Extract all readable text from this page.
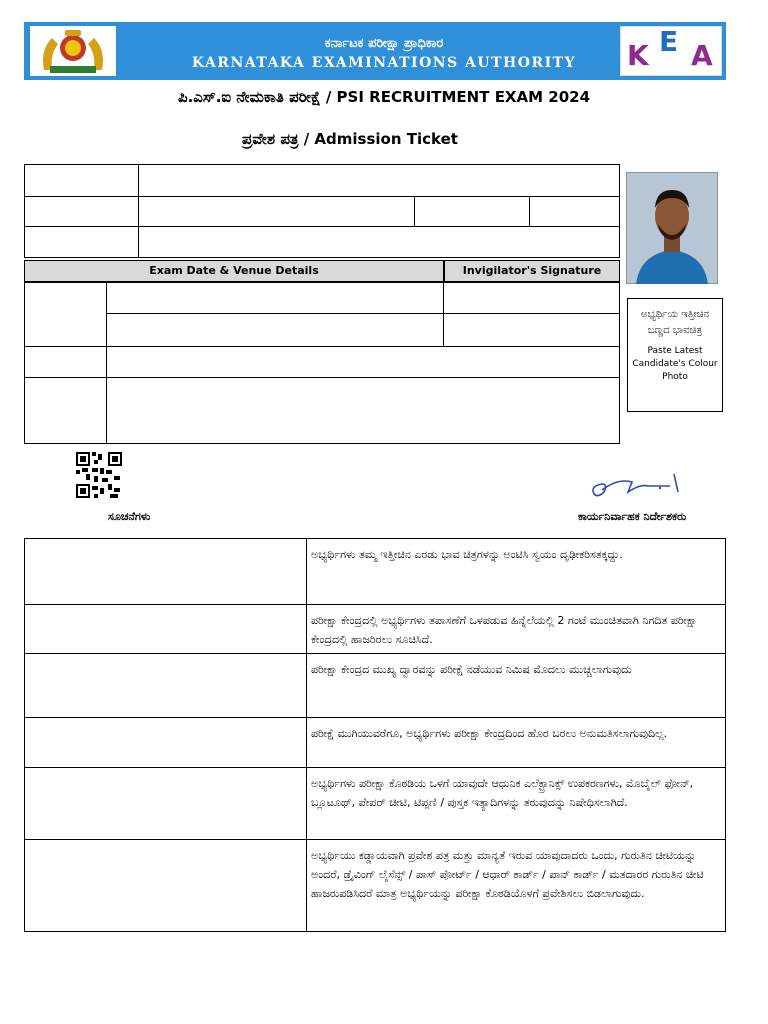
ಕರ್ನಾಟಕ ಪರೀಕ್ಷಾ ಪ್ರಾಧಿಕಾರ
KARNATAKA EXAMINATIONS AUTHORITY	K E A
ಪಿ.ಎಸ್.ಐ ನೇಮಕಾತಿ ಪರೀಕ್ಷೆ / PSI RECRUITMENT EXAM 2024
ಪ್ರವೇಶ ಪತ್ರ / Admission Ticket
Exam Date & Venue Details	Invigilator's Signature
ಅಭ್ಯರ್ಥಿಯ ಇತ್ತೀಚಿನ ಬಣ್ಣದ ಭಾವಚಿತ್ರ
Paste Latest Candidate's Colour Photo
ಸೂಚನೆಗಳು	ಕಾರ್ಯನಿರ್ವಾಹಕ ನಿರ್ದೇಶಕರು
ಅಭ್ಯರ್ಥಿಗಳು ತಮ್ಮ ಇತ್ತೀಚಿನ ಎರಡು ಭಾವ ಚಿತ್ರಗಳನ್ನು ಅಂಟಿಸಿ ಸ್ವಯಂ ದೃಢೀಕರಿಸತಕ್ಕದ್ದು.
ಪರೀಕ್ಷಾ ಕೇಂದ್ರದಲ್ಲಿ ಅಭ್ಯರ್ಥಿಗಳು ತಪಾಸಣೆಗೆ ಒಳಪಡುವ ಹಿನ್ನೆಲೆಯಲ್ಲಿ 2 ಗಂಟೆ ಮುಂಚಿತವಾಗಿ ನಿಗದಿತ ಪರೀಕ್ಷಾ ಕೇಂದ್ರದಲ್ಲಿ ಹಾಜರಿರಲು ಸೂಚಿಸಿದೆ.
ಪರೀಕ್ಷಾ ಕೇಂದ್ರದ ಮುಖ್ಯ ದ್ವಾರವನ್ನು ಪರೀಕ್ಷೆ ನಡೆಯುವ ನಿಮಿಷ ಮೊದಲು ಮುಚ್ಚಲಾಗುವುದು
ಪರೀಕ್ಷೆ ಮುಗಿಯುವರೆಗೂ, ಅಭ್ಯರ್ಥಿಗಳು ಪರೀಕ್ಷಾ ಕೇಂದ್ರದಿಂದ ಹೊರ ಬರಲು ಅನುಮತಿಸಲಾಗುವುದಿಲ್ಲ.
ಅಭ್ಯರ್ಥಿಗಳು ಪರೀಕ್ಷಾ ಕೊಠಡಿಯ ಒಳಗೆ ಯಾವುದೇ ಆಧುನಿಕ ಎಲೆಕ್ಟ್ರಾನಿಕ್ಸ್ ಉಪಕರಣಗಳು, ಮೊಬೈಲ್ ಫೋನ್, ಬ್ಲೂಟೂಥ್, ಪೇಪರ್ ಚೀಟಿ, ಟಿಪ್ಪಣಿ / ಪುಸ್ತಕ ಇತ್ಯಾದಿಗಳನ್ನು ತರುವುದನ್ನು ನಿಷೇಧಿಸಲಾಗಿದೆ.
ಅಭ್ಯರ್ಥಿಯು ಕಡ್ಡಾಯವಾಗಿ ಪ್ರವೇಶ ಪತ್ರ ಮತ್ತು ಮಾನ್ಯತೆ ಇರುವ ಯಾವುದಾದರು ಒಂದು, ಗುರುತಿನ ಚೀಟಿಯನ್ನು ಅಂದರೆ, ಡ್ರೈವಿಂಗ್ ಲೈಸೆನ್ಸ್ / ಪಾಸ್ ಪೋರ್ಟ್ / ಆಧಾರ್ ಕಾರ್ಡ್ / ಪಾನ್ ಕಾರ್ಡ್ / ಮತದಾರರ ಗುರುತಿನ ಚೀಟಿ ಹಾಜರುಪಡಿಸಿದರೆ ಮಾತ್ರ ಅಭ್ಯರ್ಥಿಯನ್ನು ಪರೀಕ್ಷಾ ಕೊಠಡಿಯೊಳಗೆ ಪ್ರವೇಶಿಸಲು ಬಿಡಲಾಗುವುದು.
